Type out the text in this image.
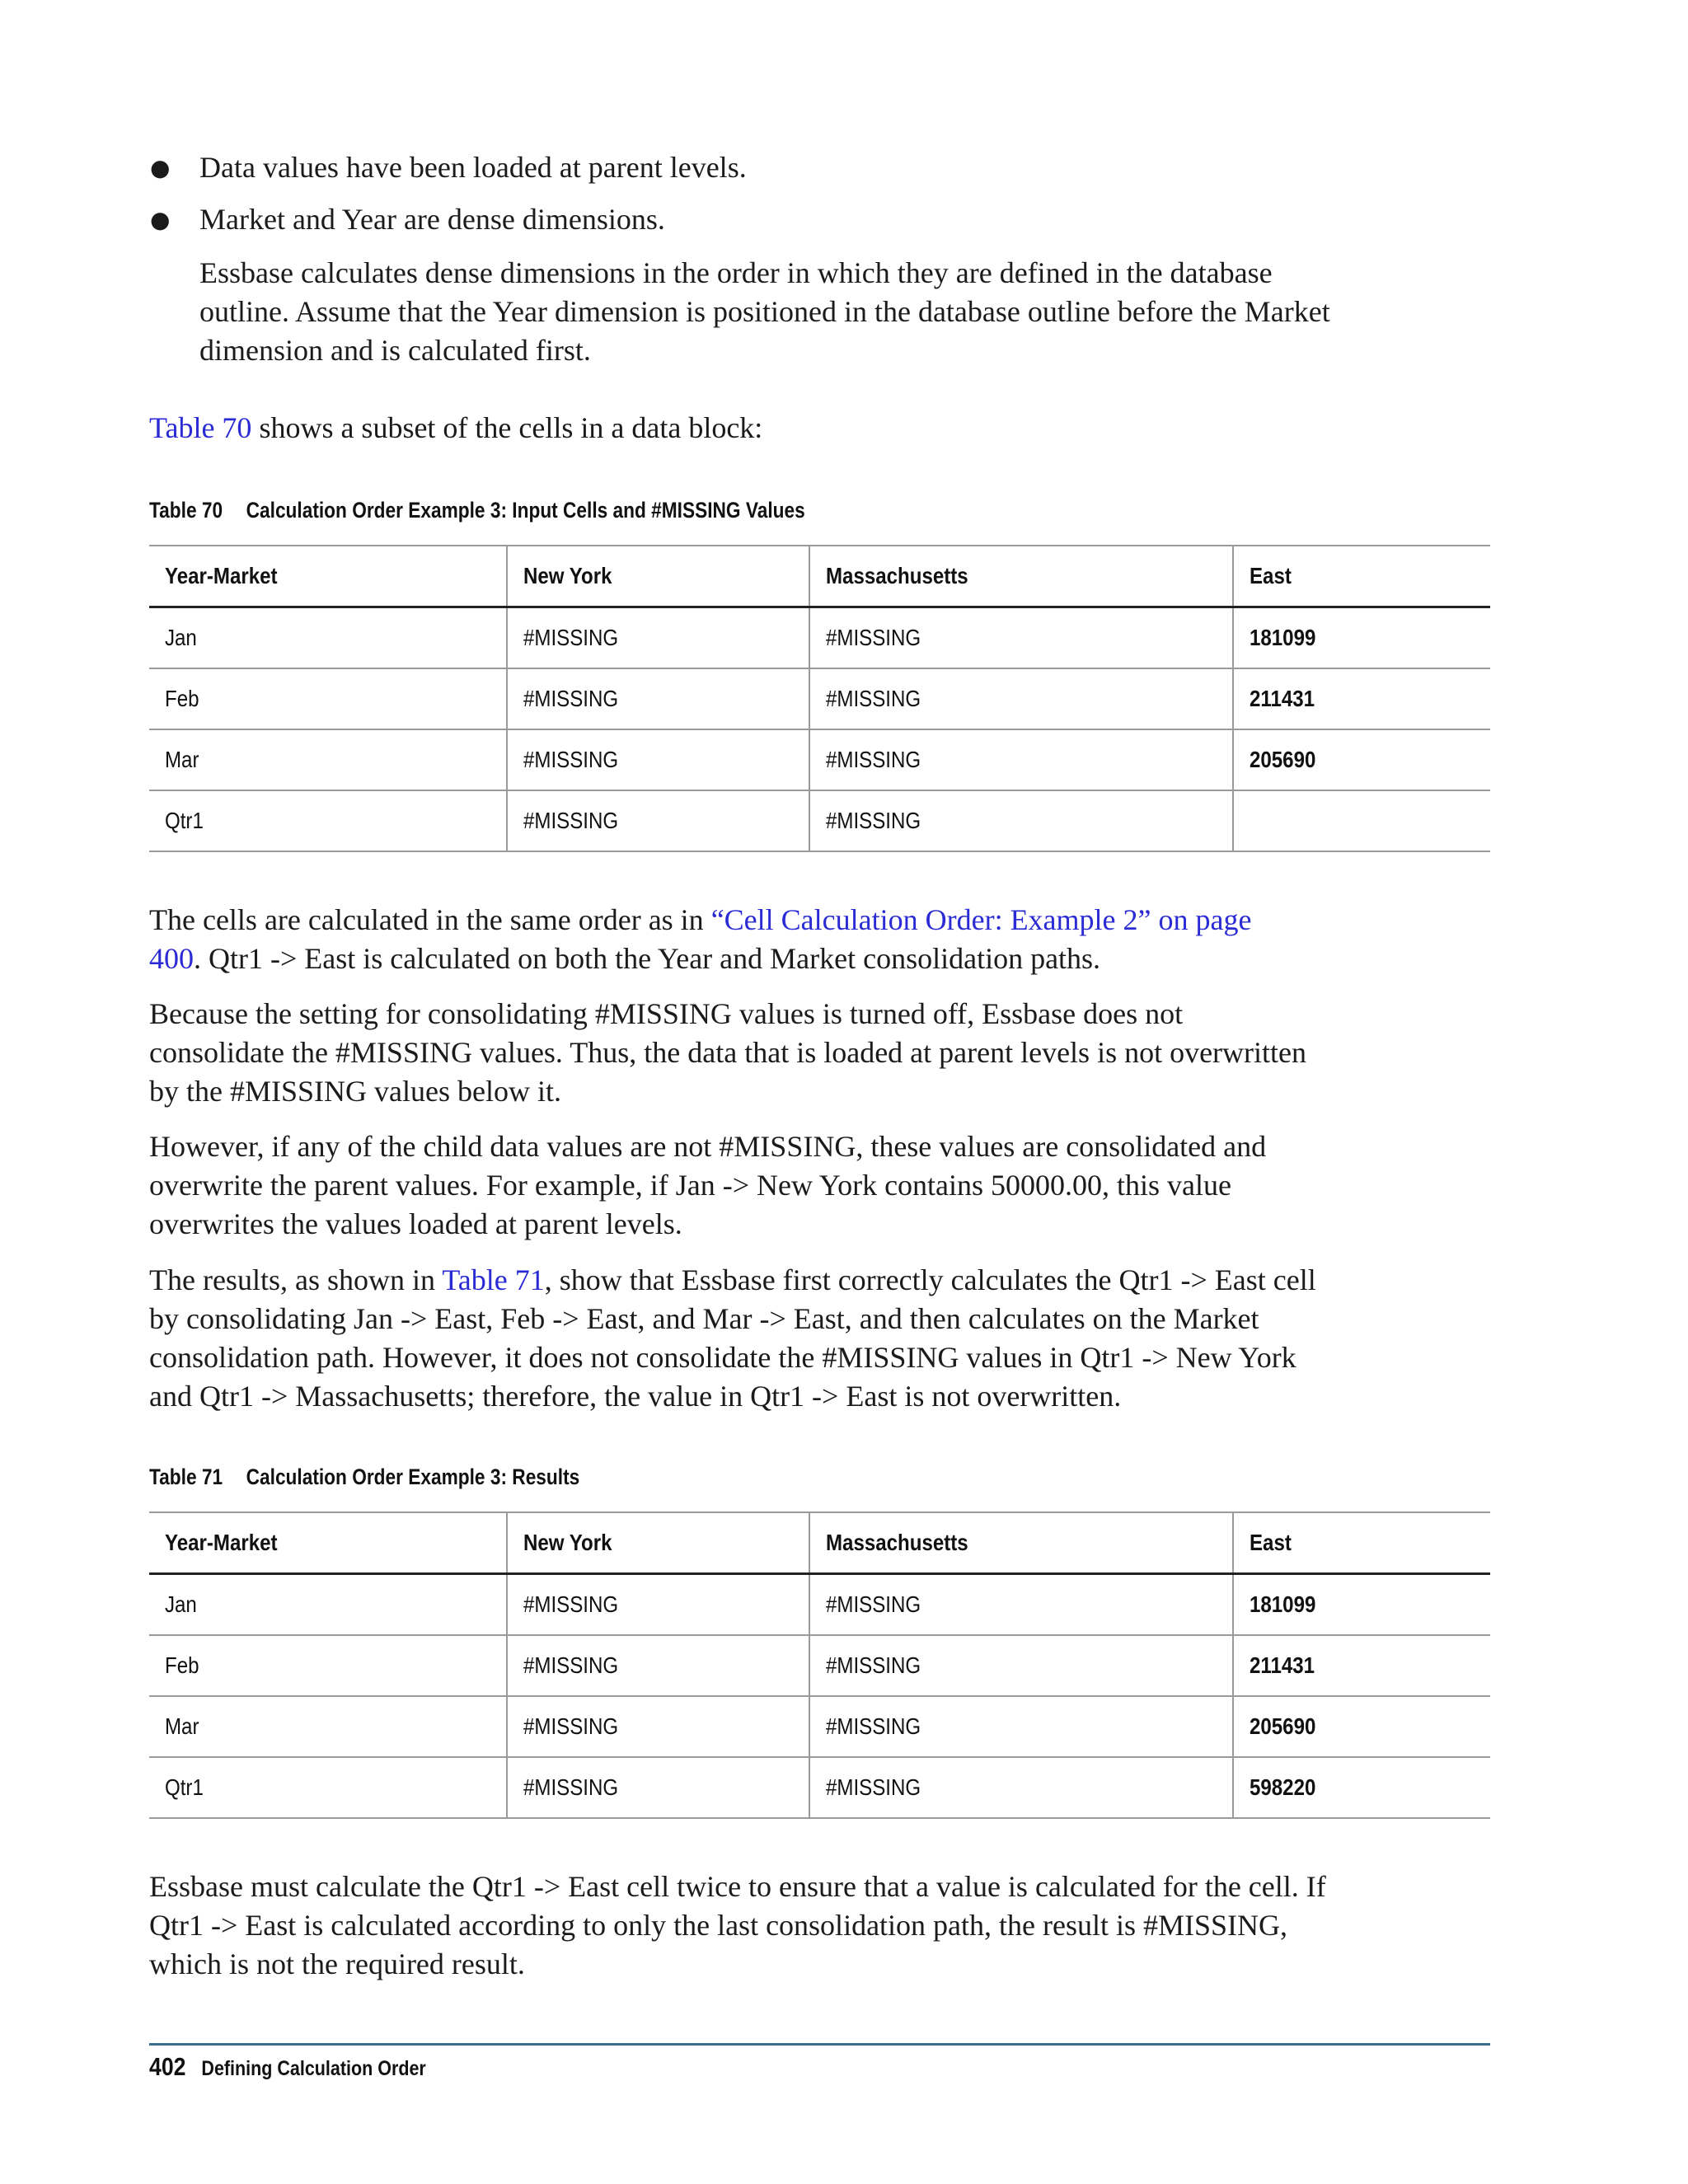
● Data values have been loaded at parent levels.
● Market and Year are dense dimensions.

Essbase calculates dense dimensions in the order in which they are defined in the database outline. Assume that the Year dimension is positioned in the database outline before the Market dimension and is calculated first.

Table 70 shows a subset of the cells in a data block:

Table 70 Calculation Order Example 3: Input Cells and #MISSING Values
Year-Market	New York	Massachusetts	East
Jan	#MISSING	#MISSING	181099
Feb	#MISSING	#MISSING	211431
Mar	#MISSING	#MISSING	205690
Qtr1	#MISSING	#MISSING	

The cells are calculated in the same order as in “Cell Calculation Order: Example 2” on page 400. Qtr1 -> East is calculated on both the Year and Market consolidation paths.

Because the setting for consolidating #MISSING values is turned off, Essbase does not consolidate the #MISSING values. Thus, the data that is loaded at parent levels is not overwritten by the #MISSING values below it.

However, if any of the child data values are not #MISSING, these values are consolidated and overwrite the parent values. For example, if Jan -> New York contains 50000.00, this value overwrites the values loaded at parent levels.

The results, as shown in Table 71, show that Essbase first correctly calculates the Qtr1 -> East cell by consolidating Jan -> East, Feb -> East, and Mar -> East, and then calculates on the Market consolidation path. However, it does not consolidate the #MISSING values in Qtr1 -> New York and Qtr1 -> Massachusetts; therefore, the value in Qtr1 -> East is not overwritten.

Table 71 Calculation Order Example 3: Results
Year-Market	New York	Massachusetts	East
Jan	#MISSING	#MISSING	181099
Feb	#MISSING	#MISSING	211431
Mar	#MISSING	#MISSING	205690
Qtr1	#MISSING	#MISSING	598220

Essbase must calculate the Qtr1 -> East cell twice to ensure that a value is calculated for the cell. If Qtr1 -> East is calculated according to only the last consolidation path, the result is #MISSING, which is not the required result.

402 Defining Calculation Order
